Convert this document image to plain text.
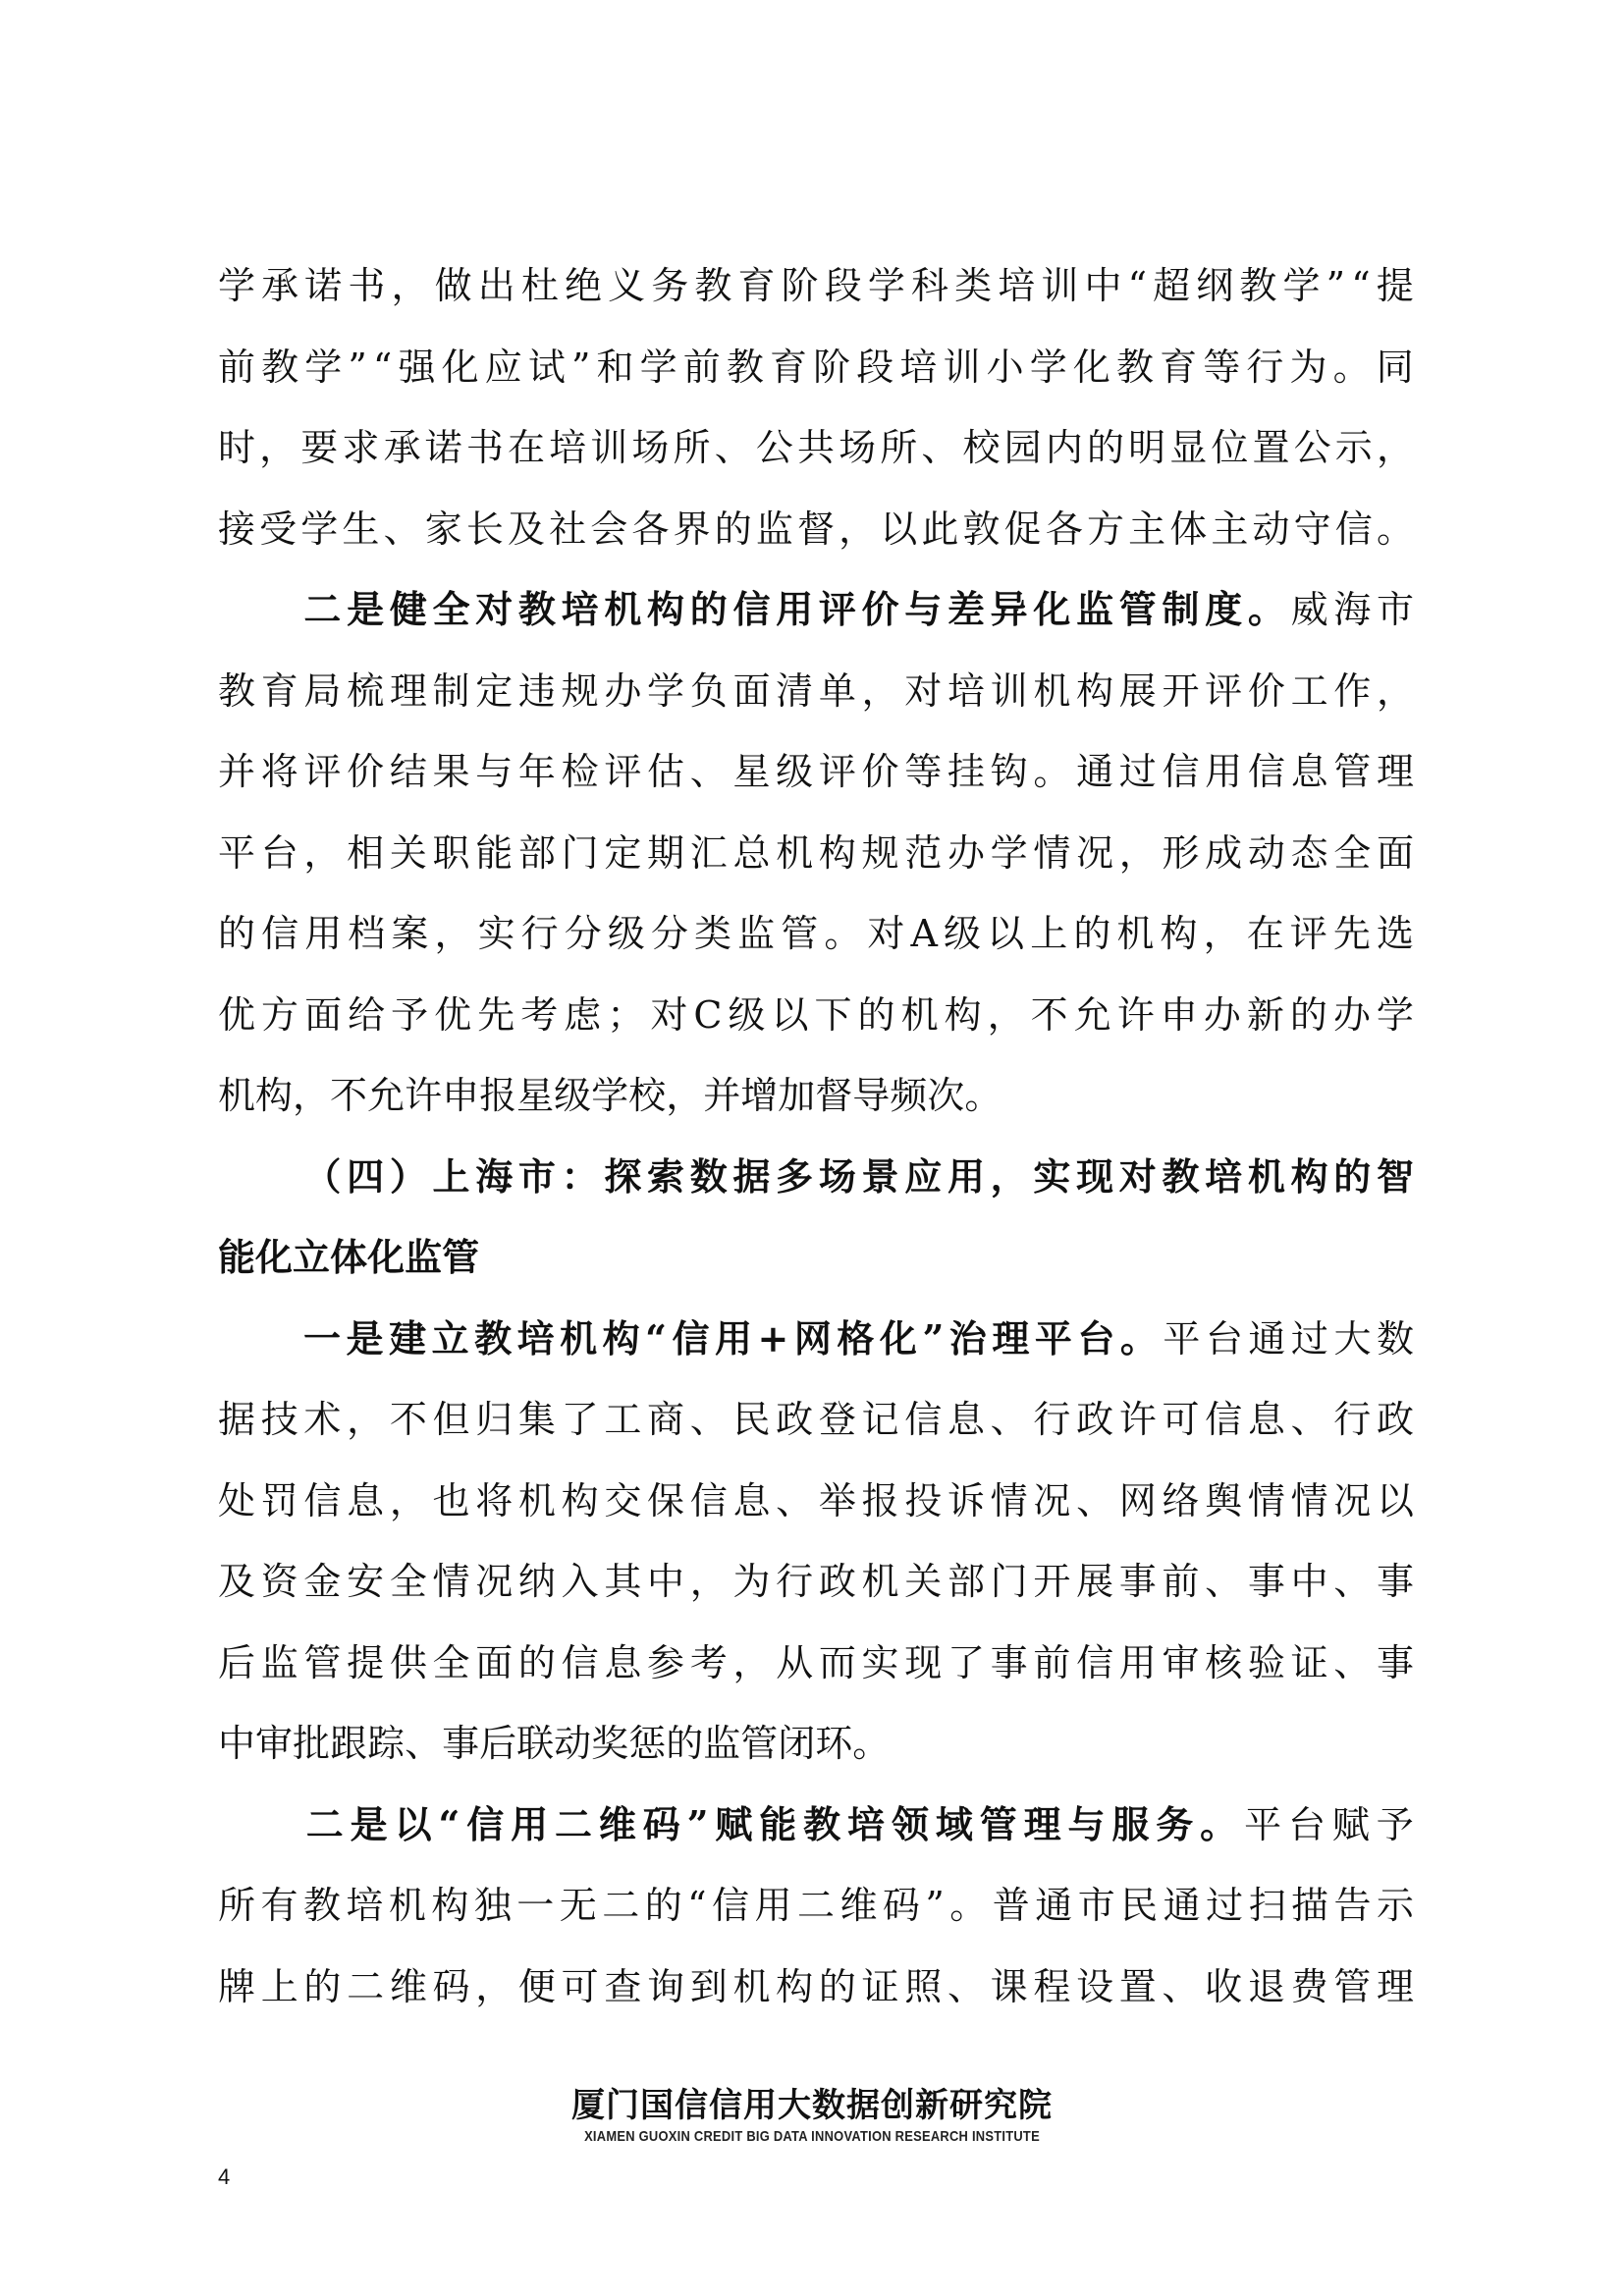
学 承 诺 书 ， 做 出 杜 绝 义 务 教 育 阶 段 学 科 类 培 训 中 “ 超 纲 教 学 ” “ 提
前 教 学 ” “ 强 化 应 试 ” 和 学 前 教 育 阶 段 培 训 小 学 化 教 育 等 行 为 。 同
时 ， 要 求 承 诺 书 在 培 训 场 所 、 公 共 场 所 、 校 园 内 的 明 显 位 置 公 示 ，
接 受 学 生 、 家 长 及 社 会 各 界 的 监 督 ， 以 此 敦 促 各 方 主 体 主 动 守 信 。

二 是 健 全 对 教 培 机 构 的 信 用 评 价 与 差 异 化 监 管 制 度 。 威 海 市
教 育 局 梳 理 制 定 违 规 办 学 负 面 清 单 ， 对 培 训 机 构 展 开 评 价 工 作 ，
并 将 评 价 结 果 与 年 检 评 估 、 星 级 评 价 等 挂 钩 。 通 过 信 用 信 息 管 理
平 台 ， 相 关 职 能 部 门 定 期 汇 总 机 构 规 范 办 学 情 况 ， 形 成 动 态 全 面
的 信 用 档 案 ， 实 行 分 级 分 类 监 管 。 对 A 级 以 上 的 机 构 ， 在 评 先 选
优 方 面 给 予 优 先 考 虑 ； 对 C 级 以 下 的 机 构 ， 不 允 许 申 办 新 的 办 学
机 构 ， 不 允 许 申 报 星 级 学 校 ， 并 增 加 督 导 频 次 。

（ 四 ） 上 海 市 ： 探 索 数 据 多 场 景 应 用 ， 实 现 对 教 培 机 构 的 智
能 化 立 体 化 监 管

一 是 建 立 教 培 机 构 “ 信 用 + 网 格 化 ” 治 理 平 台 。 平 台 通 过 大 数
据 技 术 ， 不 但 归 集 了 工 商 、 民 政 登 记 信 息 、 行 政 许 可 信 息 、 行 政
处 罚 信 息 ， 也 将 机 构 交 保 信 息 、 举 报 投 诉 情 况 、 网 络 舆 情 情 况 以
及 资 金 安 全 情 况 纳 入 其 中 ， 为 行 政 机 关 部 门 开 展 事 前 、 事 中 、 事
后 监 管 提 供 全 面 的 信 息 参 考 ， 从 而 实 现 了 事 前 信 用 审 核 验 证 、 事
中 审 批 跟 踪 、 事 后 联 动 奖 惩 的 监 管 闭 环 。

二 是 以 “ 信 用 二 维 码 ” 赋 能 教 培 领 域 管 理 与 服 务 。 平 台 赋 予
所 有 教 培 机 构 独 一 无 二 的 “ 信 用 二 维 码 ” 。 普 通 市 民 通 过 扫 描 告 示
牌 上 的 二 维 码 ， 便 可 查 询 到 机 构 的 证 照 、 课 程 设 置 、 收 退 费 管 理
厦门国信信用大数据创新研究院
XIAMEN GUOXIN CREDIT BIG DATA INNOVATION RESEARCH INSTITUTE
4
